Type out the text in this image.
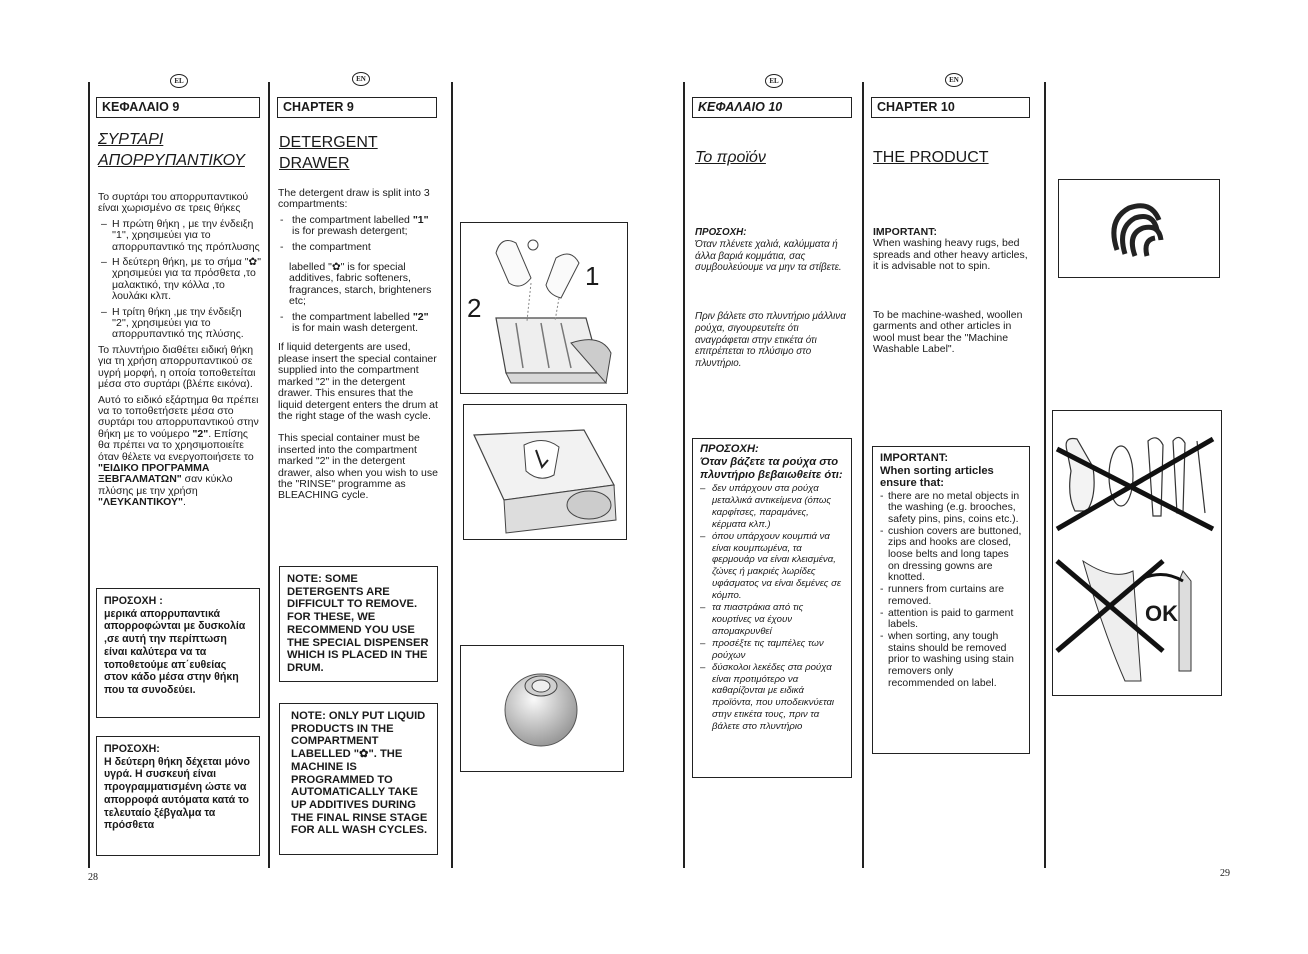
EL	EN
ΚΕΦΑΛΑΙΟ 9
ΣΥΡΤΑΡΙ
ΑΠΟΡΡΥΠΑΝΤΙΚΟΥ

Το συρτάρι του απορρυπαντικού είναι χωρισμένο σε τρεις θήκες

– Η πρώτη θήκη , με την ένδειξη ''1'', χρησιμεύει για το απορρυπαντικό της πρόπλυσης

– Η δεύτερη θήκη, με το σήμα "✿" χρησιμεύει για τα πρόσθετα ,το μαλακτικό, την κόλλα ,το λουλάκι κλπ.

– Η τρίτη θήκη ,με την ένδειξη ''2'', χρησιμεύει για το απορρυπαντικό της πλύσης.

Το πλυντήριο διαθέτει ειδική θήκη για τη χρήση απορρυπαντικού σε υγρή μορφή, η οποία τοποθετείται μέσα στο συρτάρι (βλέπε εικόνα).

Αυτό το ειδικό εξάρτημα θα πρέπει να το τοποθετήσετε μέσα στο συρτάρι του απορρυπαντικού στην θήκη με το νούμερο "2". Επίσης θα πρέπει να το χρησιμοποιείτε όταν θέλετε να ενεργοποιήσετε το "ΕΙΔΙΚΟ ΠΡΟΓΡΑΜΜΑ ΞΕΒΓΑΛΜΑΤΩΝ" σαν κύκλο πλύσης με την χρήση "ΛΕΥΚΑΝΤΙΚΟΥ".

ΠΡΟΣΟΧΗ :
μερικά απορρυπαντικά απορροφώνται με δυσκολία ,σε αυτή την περίπτωση είναι καλύτερα να τα τοποθετούμε απ΄ευθείας στον κάδο μέσα στην θήκη που τα συνοδεύει.
ΠΡΟΣΟΧΗ:
Η δεύτερη θήκη δέχεται μόνο υγρά. Η συσκευή είναι προγραμματισμένη ώστε να απορροφά αυτόματα κατά το τελευταίο ξέβγαλμα τα πρόσθετα
CHAPTER 9
DETERGENT
DRAWER

The detergent draw is split into 3 compartments:

- the compartment labelled "1" is for prewash detergent;

- the compartment

labelled "✿" is for special additives, fabric softeners, fragrances, starch, brighteners etc;

- the compartment labelled "2" is for main wash detergent.

If liquid detergents are used, please insert the special container supplied into the compartment marked "2" in the detergent drawer. This ensures that the liquid detergent enters the drum at the right stage of the wash cycle.

This special container must be inserted into the compartment marked "2" in the detergent drawer, also when you wish to use the "RINSE" programme as BLEACHING cycle.

NOTE: SOME DETERGENTS ARE DIFFICULT TO REMOVE. FOR THESE, WE RECOMMEND YOU USE THE SPECIAL DISPENSER WHICH IS PLACED IN THE DRUM.
NOTE: ONLY PUT LIQUID PRODUCTS IN THE COMPARTMENT LABELLED "✿". THE MACHINE IS PROGRAMMED TO AUTOMATICALLY TAKE UP ADDITIVES DURING THE FINAL RINSE STAGE FOR ALL WASH CYCLES.
1
2
28
EL	EN
ΚΕΦΑΛΑΙΟ 10
Το προϊόν
ΠΡΟΣΟΧΗ:
Όταν πλένετε χαλιά, καλύμματα ή άλλα βαριά κομμάτια, σας συμβουλεύουμε να μην τα στίβετε.
Πριν βάλετε στο πλυντήριο μάλλινα ρούχα, σιγουρευτείτε ότι αναγράφεται στην ετικέτα ότι επιτρέπεται το πλύσιμο στο πλυντήριο.
ΠΡΟΣΟΧΗ:
Όταν βάζετε τα ρούχα στο πλυντήριο βεβαιωθείτε ότι:
– δεν υπάρχουν στα ρούχα μεταλλικά αντικείμενα (όπως καρφίτσες, παραμάνες, κέρματα κλπ.)
– όπου υπάρχουν κουμπιά να είναι κουμπωμένα, τα φερμουάρ να είναι κλεισμένα, ζώνες ή μακριές λωρίδες υφάσματος να είναι δεμένες σε κόμπο.
– τα πιαστράκια από τις κουρτίνες να έχουν απομακρυνθεί
– προσέξτε τις ταμπέλες των ρούχων
– δύσκολοι λεκέδες στα ρούχα είναι προτιμότερο να καθαρίζονται με ειδικά προϊόντα, που υποδεικνύεται στην ετικέτα τους, πριν τα βάλετε στο πλυντήριο
CHAPTER 10
THE PRODUCT
IMPORTANT:
When washing heavy rugs, bed spreads and other heavy articles, it is advisable not to spin.
To be machine-washed, woollen garments and other articles in wool must bear the "Machine Washable Label".
IMPORTANT:
When sorting articles ensure that:
- there are no metal objects in the washing (e.g. brooches, safety pins, pins, coins etc.).
- cushion covers are buttoned, zips and hooks are closed, loose belts and long tapes on dressing gowns are knotted.
- runners from curtains are removed.
- attention is paid to garment labels.
- when sorting, any tough stains should be removed prior to washing using stain removers only recommended on label.
OK
29
